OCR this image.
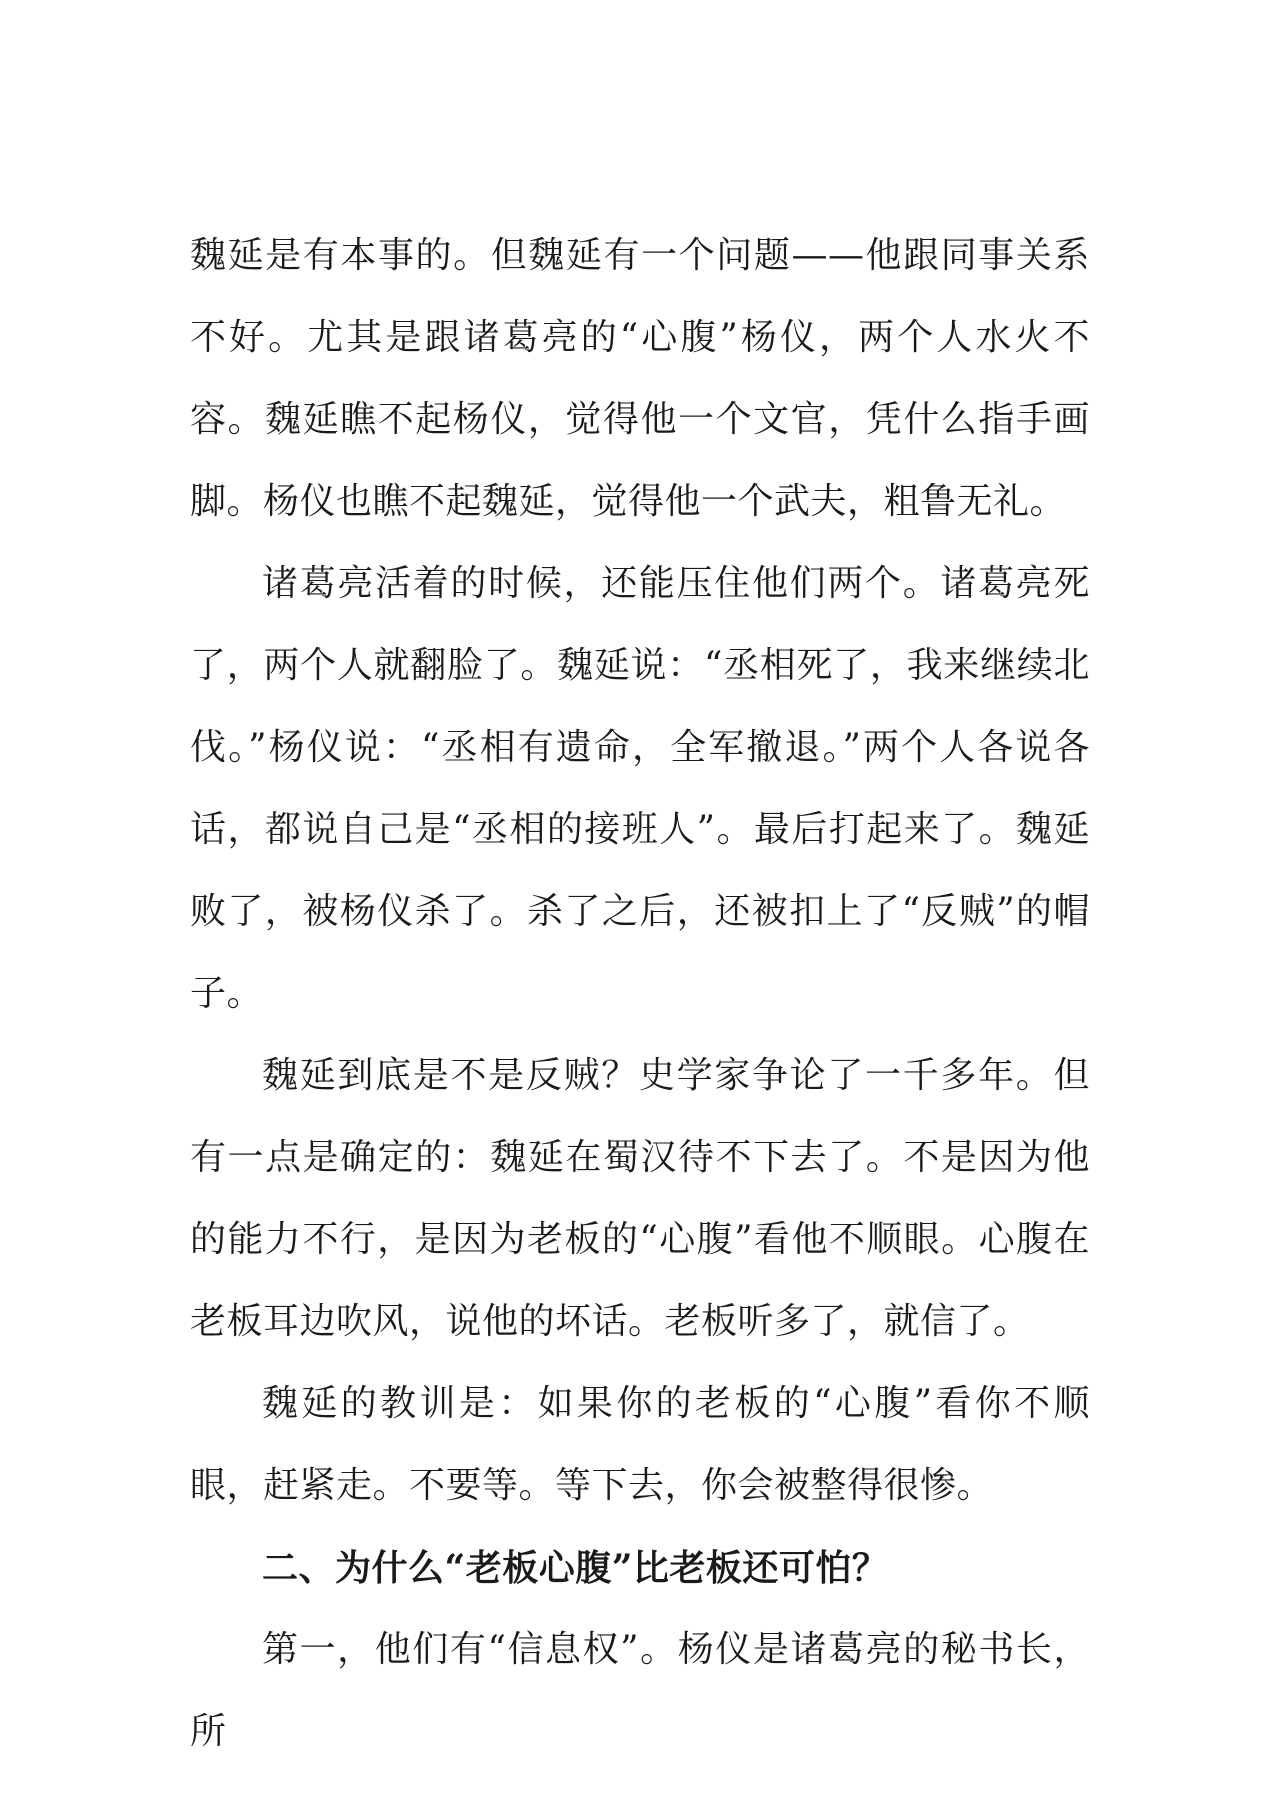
魏延是有本事的。但魏延有一个问题——他跟同事关系不好。尤其是跟诸葛亮的“心腹”杨仪，两个人水火不容。魏延瞧不起杨仪，觉得他一个文官，凭什么指手画脚。杨仪也瞧不起魏延，觉得他一个武夫，粗鲁无礼。

诸葛亮活着的时候，还能压住他们两个。诸葛亮死了，两个人就翻脸了。魏延说：“丞相死了，我来继续北伐。”杨仪说：“丞相有遗命，全军撤退。”两个人各说各话，都说自己是“丞相的接班人”。最后打起来了。魏延败了，被杨仪杀了。杀了之后，还被扣上了“反贼”的帽子。

魏延到底是不是反贼？史学家争论了一千多年。但有一点是确定的：魏延在蜀汉待不下去了。不是因为他的能力不行，是因为老板的“心腹”看他不顺眼。心腹在老板耳边吹风，说他的坏话。老板听多了，就信了。

魏延的教训是：如果你的老板的“心腹”看你不顺眼，赶紧走。不要等。等下去，你会被整得很惨。

二、为什么“老板心腹”比老板还可怕？

第一，他们有“信息权”。杨仪是诸葛亮的秘书长，所
